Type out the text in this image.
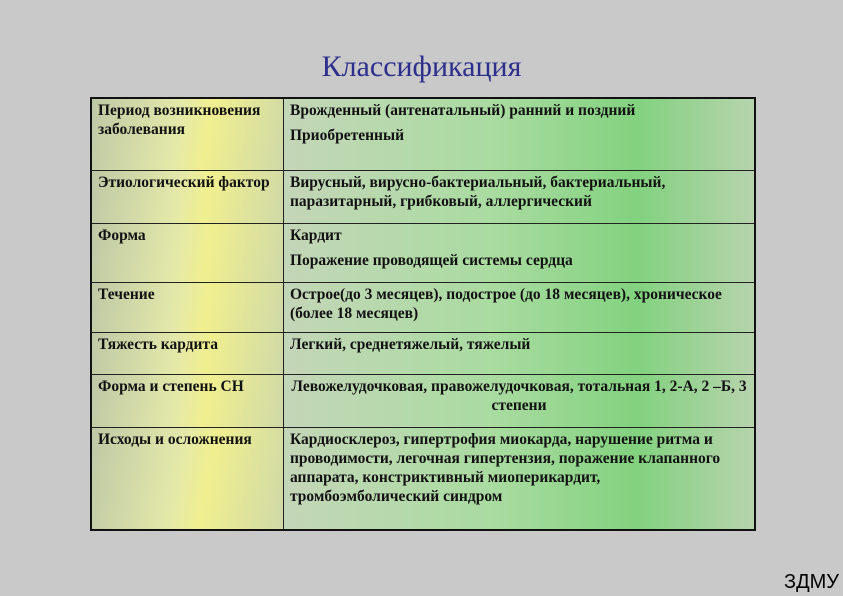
Классификация
Период возникновения заболевания	Врожденный (антенатальный) ранний и поздний

Приобретенный

Этиологический фактор	Вирусный, вирусно-бактериальный, бактериальный, паразитарный, грибковый, аллергический

Форма	Кардит

Поражение проводящей системы сердца

Течение	Острое(до 3 месяцев), подострое (до 18 месяцев), хроническое (более 18 месяцев)

Тяжесть кардита	Легкий, среднетяжелый, тяжелый

Форма и степень СН	Левожелудочковая, правожелудочковая, тотальная 1, 2-А, 2 –Б, 3 степени

Исходы и осложнения	Кардиосклероз, гипертрофия миокарда, нарушение ритма и проводимости, легочная гипертензия, поражение клапанного аппарата, констриктивный миоперикардит, тромбоэмболический синдром

ЗДМУ
